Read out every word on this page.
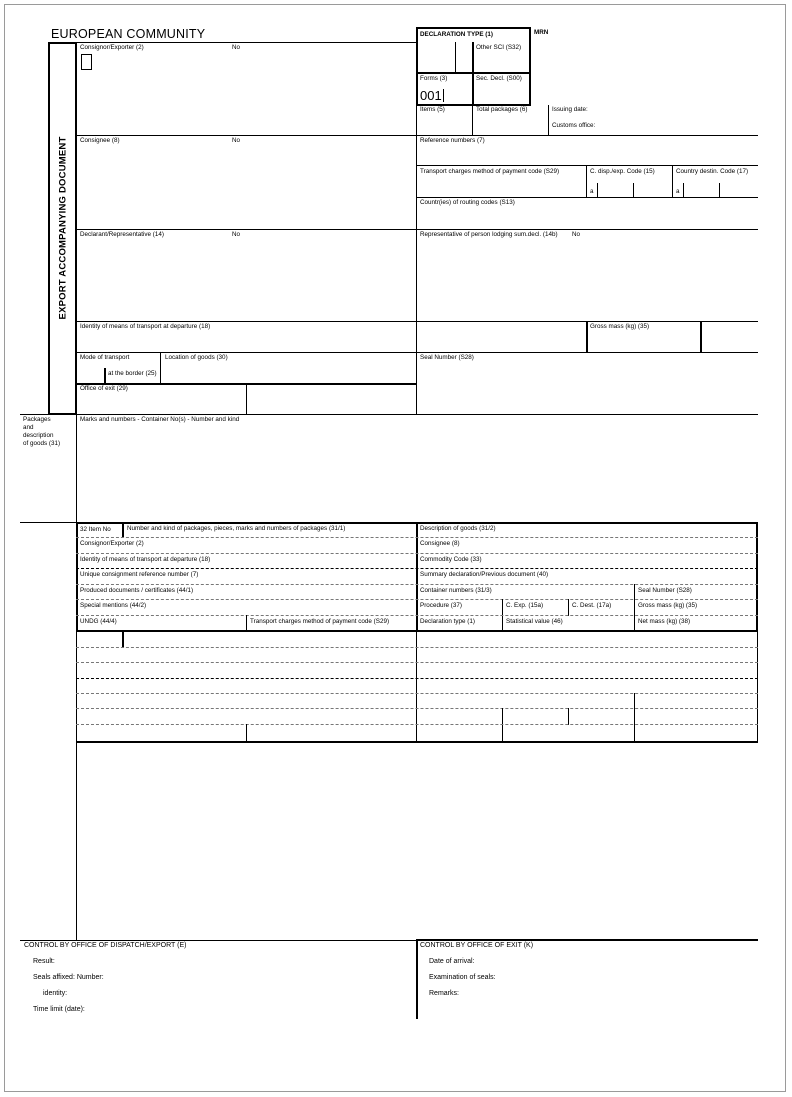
EUROPEAN COMMUNITY	MRN
EXPORT ACCOMPANYING DOCUMENT
DECLARATION TYPE (1)
Other SCI (S32)
Forms (3)
001
Sec. Decl. (S00)
Items (5)	Total packages (6)	Issuing date:
Customs office:
Consignor/Exporter (2)	No
Consignee (8)	No	Reference numbers (7)
Transport charges method of payment code (S29)	C. disp./exp. Code (15)	Country destin. Code (17)
a	a
Countr(ies) of routing codes (S13)
Declarant/Representative (14)	No	Representative of person lodging sum.decl. (14b) No
Identity of means of transport at departure (18)	Gross mass (kg) (35)
Mode of transport	Location of goods (30)
at the border (25)
Seal Number (S28)
Office of exit (29)
Packages
and
description
of goods (31)
Marks and numbers - Container No(s) - Number and kind
32 Item No	Number and kind of packages, pieces, marks and numbers of packages (31/1)	Description of goods (31/2)
Consignor/Exporter (2)	Consignee (8)
Identity of means of transport at departure (18)	Commodity Code (33)
Unique consignment reference number (7)	Summary declaration/Previous document (40)
Produced documents / certificates (44/1)	Container numbers (31/3)	Seal Number (S28)
Special mentions (44/2)	Procedure (37)	C. Exp. (15a)	C. Dest. (17a)	Gross mass (kg) (35)
UNDG (44/4)	Transport charges method of payment code (S29)	Declaration type (1)	Statistical value (46)	Net mass (kg) (38)
CONTROL BY OFFICE OF DISPATCH/EXPORT (E)
Result:
Seals affixed: Number:
identity:
Time limit (date):
CONTROL BY OFFICE OF EXIT (K)
Date of arrival:
Examination of seals:
Remarks:
